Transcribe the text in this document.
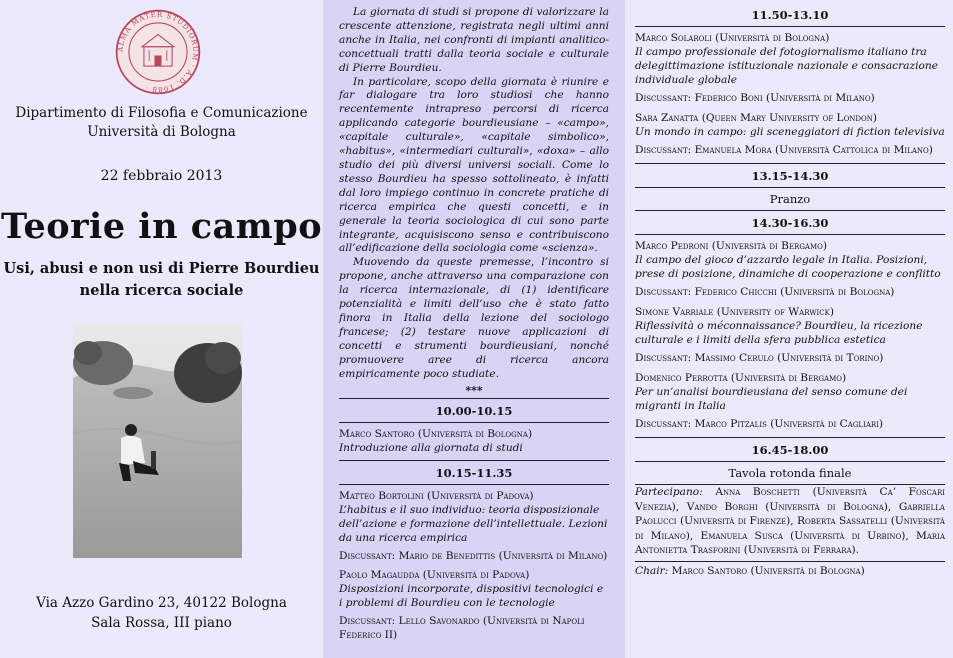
ALMA MATER STUDIORUM · A.D. 1088 ·
Dipartimento di Filosofia e Comunicazione
Università di Bologna
22 febbraio 2013
Teorie in campo
Usi, abusi e non usi di Pierre Bourdieu
nella ricerca sociale
Via Azzo Gardino 23, 40122 Bologna
Sala Rossa, III piano

La giornata di studi si propone di valorizzare la crescente attenzione, registrata negli ultimi anni anche in Italia, nei confronti di impianti analitico-concettuali tratti dalla teoria sociale e culturale di Pierre Bourdieu.

In particolare, scopo della giornata è riunire e far dialogare tra loro studiosi che hanno recentemente intrapreso percorsi di ricerca applicando categorie bourdieusiane – «campo», «capitale culturale», «capitale simbolico», «habitus», «intermediari culturali», «doxa» – allo studio dei più diversi universi sociali. Come lo stesso Bourdieu ha spesso sottolineato, è infatti dal loro impiego continuo in concrete pratiche di ricerca empirica che questi concetti, e in generale la teoria sociologica di cui sono parte integrante, acquisiscono senso e contribuiscono all’edificazione della sociologia come «scienza».

Muovendo da queste premesse, l’incontro si propone, anche attraverso una comparazione con la ricerca internazionale, di (1) identificare potenzialità e limiti dell’uso che è stato fatto finora in Italia della lezione del sociologo francese; (2) testare nuove applicazioni di concetti e strumenti bourdieusiani, nonché promuovere aree di ricerca ancora empiricamente poco studiate.

***
10.00-10.15
Marco Santoro (Università di Bologna)
Introduzione alla giornata di studi
10.15-11.35
Matteo Bortolini (Università di Padova)
L’habitus e il suo individuo: teoria disposizionale dell’azione e formazione dell’intellettuale. Lezioni da una ricerca empirica
Discussant: Mario de Benedittis (Università di Milano)
Paolo Magaudda (Università di Padova)
Disposizioni incorporate, dispositivi tecnologici e i problemi di Bourdieu con le tecnologie
Discussant: Lello Savonardo (Università di Napoli Federico II)
11.50-13.10
Marco Solaroli (Università di Bologna)
Il campo professionale del fotogiornalismo italiano tra delegittimazione istituzionale nazionale e consacrazione individuale globale
Discussant: Federico Boni (Università di Milano)
Sara Zanatta (Queen Mary University of London)
Un mondo in campo: gli sceneggiatori di fiction televisiva
Discussant: Emanuela Mora (Università Cattolica di Milano)
13.15-14.30
Pranzo
14.30-16.30
Marco Pedroni (Università di Bergamo)
Il campo del gioco d’azzardo legale in Italia. Posizioni, prese di posizione, dinamiche di cooperazione e conflitto
Discussant: Federico Chicchi (Università di Bologna)
Simone Varriale (University of Warwick)
Riflessività o méconnaissance? Bourdieu, la ricezione culturale e i limiti della sfera pubblica estetica
Discussant: Massimo Cerulo (Università di Torino)
Domenico Perrotta (Università di Bergamo)
Per un’analisi bourdieusiana del senso comune dei migranti in Italia
Discussant: Marco Pitzalis (Università di Cagliari)
16.45-18.00
Tavola rotonda finale
Partecipano: Anna Boschetti (Università Ca’ Foscari Venezia), Vando Borghi (Università di Bologna), Gabriella Paolucci (Università di Firenze), Roberta Sassatelli (Università di Milano), Emanuela Susca (Università di Urbino), Maria Antonietta Trasforini (Università di Ferrara).
Chair: Marco Santoro (Università di Bologna)
